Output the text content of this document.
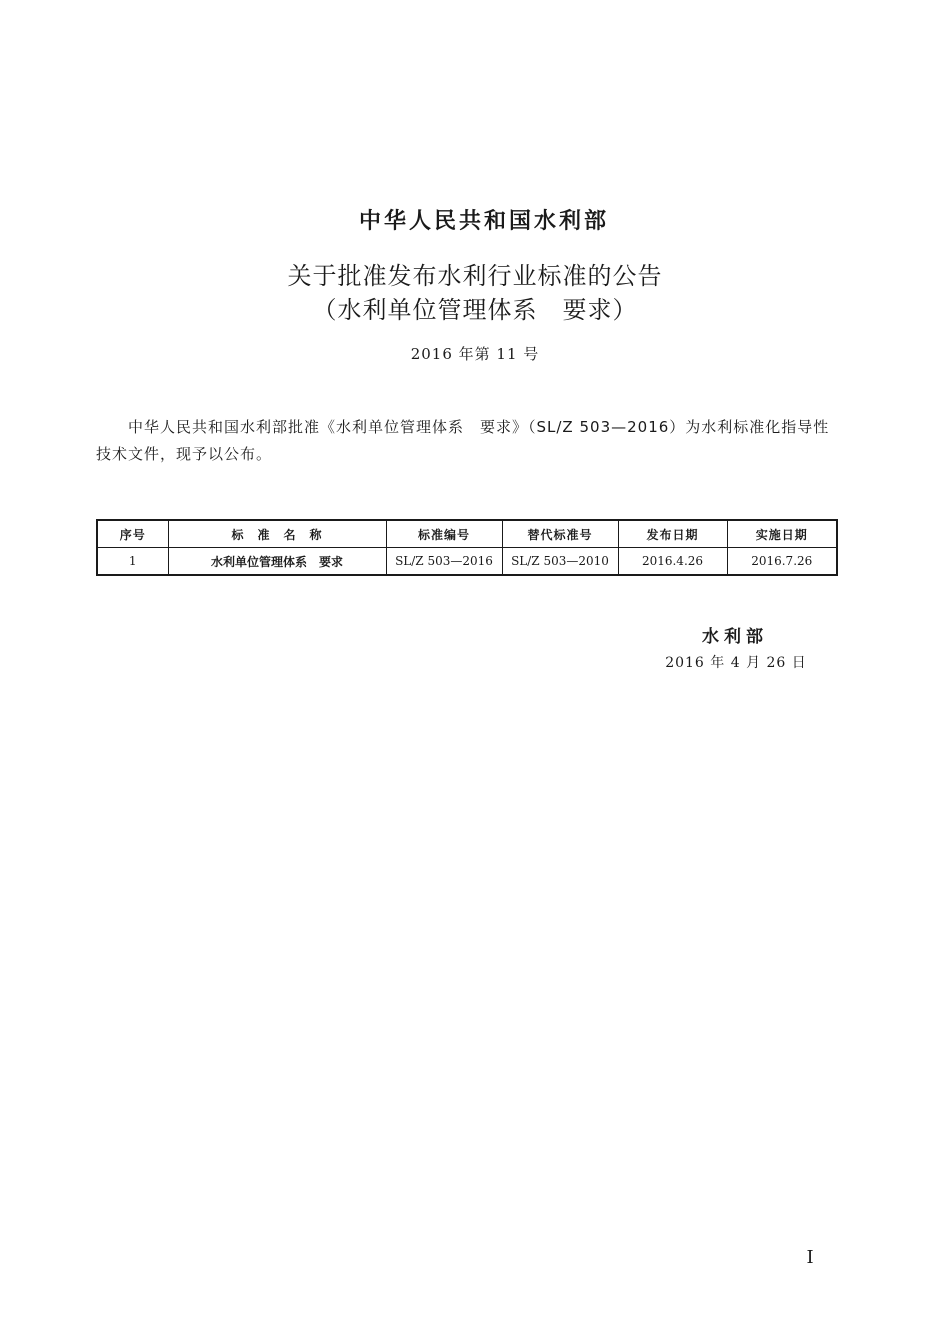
中华人民共和国水利部
关于批准发布水利行业标准的公告
（水利单位管理体系　要求）
2016 年第 11 号

中华人民共和国水利部批准《水利单位管理体系　要求》（SL/Z 503—2016）为水利标准化指导性技术文件，现予以公布。

序号	标　准　名　称	标准编号	替代标准号	发布日期	实施日期
1	水利单位管理体系　要求	SL/Z 503—2016	SL/Z 503—2010	2016.4.26	2016.7.26
水利部
2016 年 4 月 26 日
I
